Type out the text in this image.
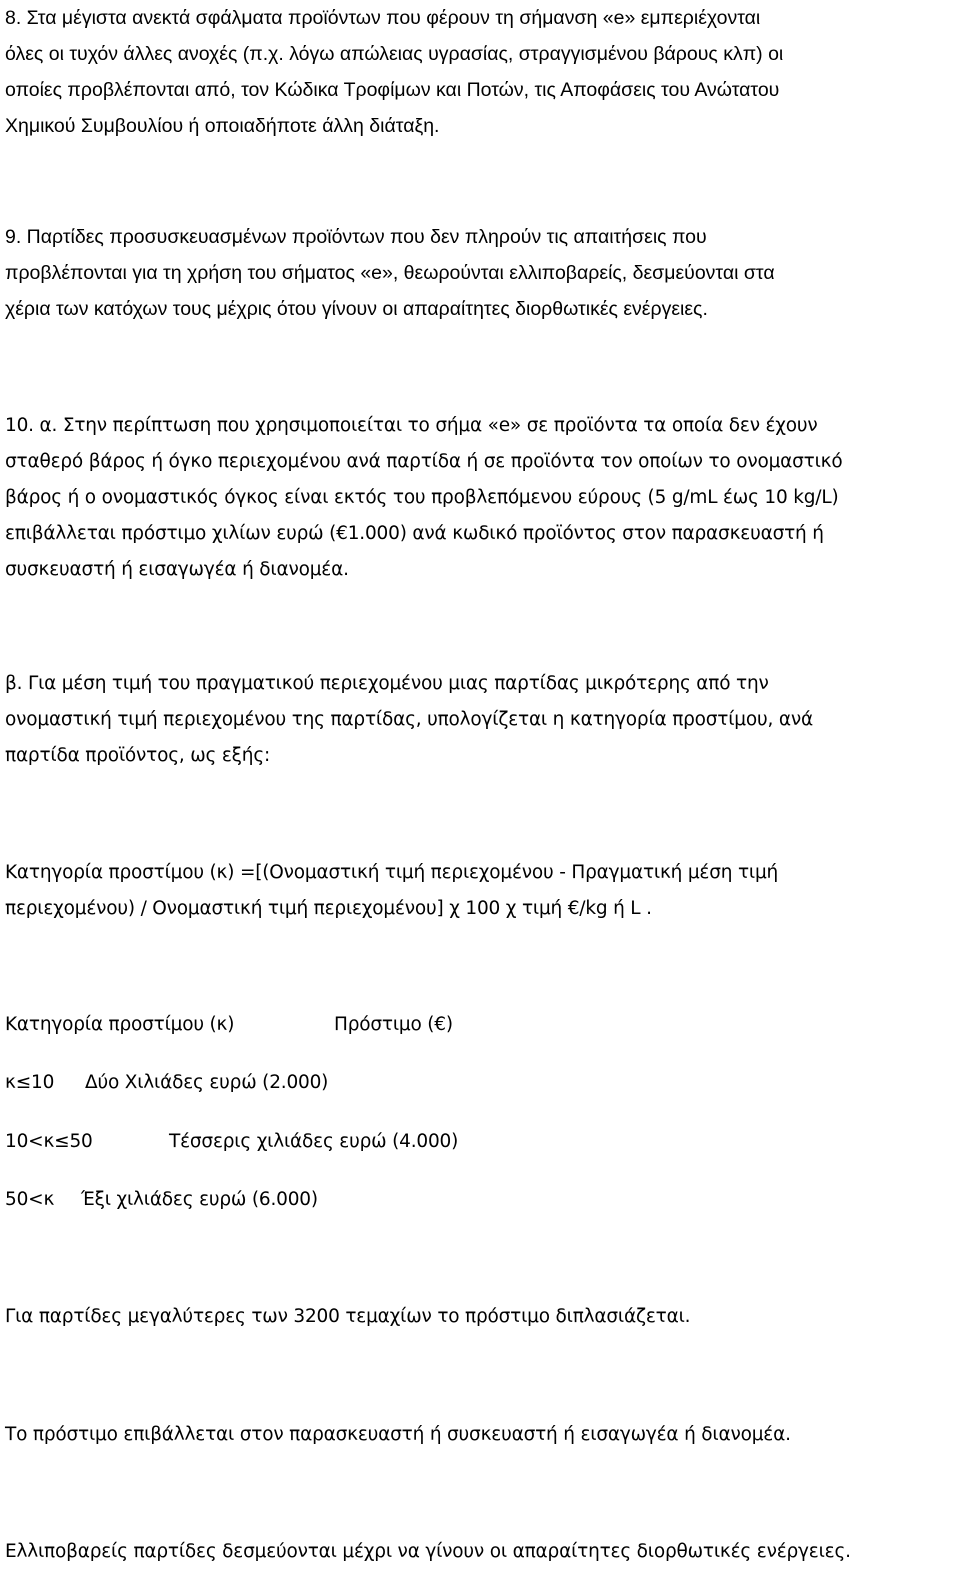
8. Στα μέγιστα ανεκτά σφάλματα προϊόντων που φέρουν τη σήμανση «e» εμπεριέχονται
όλες οι τυχόν άλλες ανοχές (π.χ. λόγω απώλειας υγρασίας, στραγγισμένου βάρους κλπ) οι
οποίες προβλέπονται από, τον Κώδικα Τροφίμων και Ποτών, τις Αποφάσεις του Ανώτατου
Χημικού Συμβουλίου ή οποιαδήποτε άλλη διάταξη.
9. Παρτίδες προσυσκευασμένων προϊόντων που δεν πληρούν τις απαιτήσεις που
προβλέπονται για τη χρήση του σήματος «e», θεωρούνται ελλιποβαρείς, δεσμεύονται στα
χέρια των κατόχων τους μέχρις ότου γίνουν οι απαραίτητες διορθωτικές ενέργειες.
10. α. Στην περίπτωση που χρησιμοποιείται το σήμα «e» σε προϊόντα τα οποία δεν έχουν
σταθερό βάρος ή όγκο περιεχομένου ανά παρτίδα ή σε προϊόντα τον οποίων το ονομαστικό
βάρος ή ο ονομαστικός όγκος είναι εκτός του προβλεπόμενου εύρους (5 g/mL έως 10 kg/L)
επιβάλλεται πρόστιμο χιλίων ευρώ (€1.000) ανά κωδικό προϊόντος στον παρασκευαστή ή
συσκευαστή ή εισαγωγέα ή διανομέα.
β. Για μέση τιμή του πραγματικού περιεχομένου μιας παρτίδας μικρότερης από την
ονομαστική τιμή περιεχομένου της παρτίδας, υπολογίζεται η κατηγορία προστίμου, ανά
παρτίδα προϊόντος, ως εξής:
Κατηγορία προστίμου (κ) =[(Ονομαστική τιμή περιεχομένου - Πραγματική μέση τιμή
περιεχομένου) / Ονομαστική τιμή περιεχομένου] χ 100 χ τιμή €/kg ή L .
Κατηγορία προστίμου (κ)	Πρόστιμο (€)
κ≤10 Δύο Χιλιάδες ευρώ (2.000)
10<κ≤50	Τέσσερις χιλιάδες ευρώ (4.000)
50<κ Έξι χιλιάδες ευρώ (6.000)
Για παρτίδες μεγαλύτερες των 3200 τεμαχίων το πρόστιμο διπλασιάζεται.
Το πρόστιμο επιβάλλεται στον παρασκευαστή ή συσκευαστή ή εισαγωγέα ή διανομέα.
Ελλιποβαρείς παρτίδες δεσμεύονται μέχρι να γίνουν οι απαραίτητες διορθωτικές ενέργειες.
